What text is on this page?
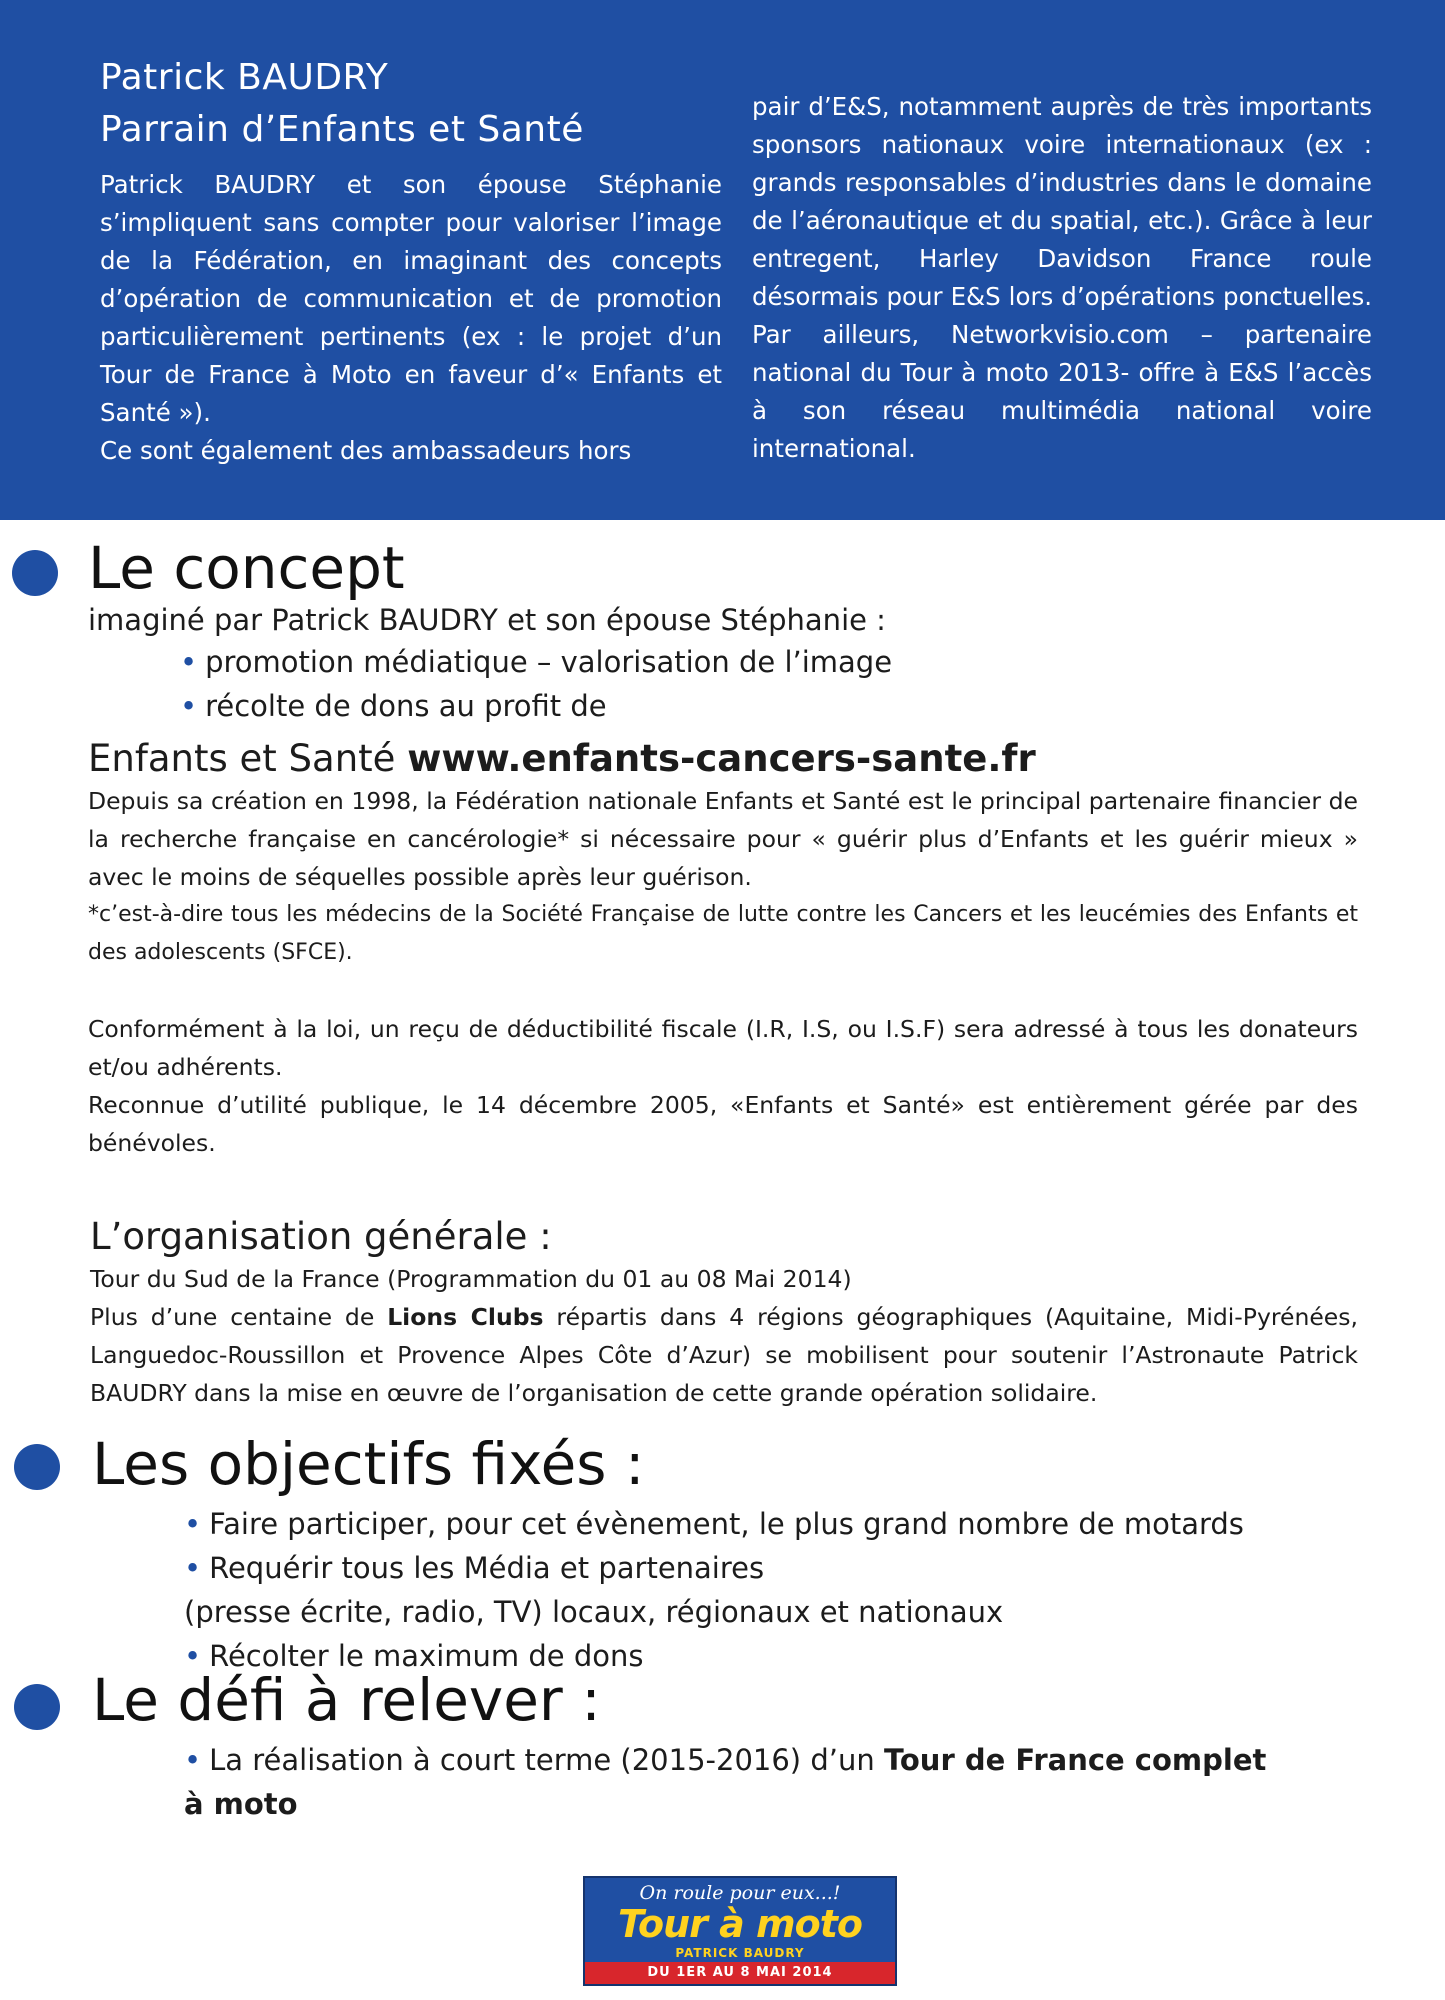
Patrick BAUDRY
Parrain d’Enfants et Santé

Patrick BAUDRY et son épouse Stéphanie s’impliquent sans compter pour valoriser l’image de la Fédération, en imaginant des concepts d’opération de communication et de promotion particulièrement pertinents (ex : le projet d’un Tour de France à Moto en faveur d’« Enfants et Santé »).

Ce sont également des ambassadeurs hors

pair d’E&S, notamment auprès de très importants sponsors nationaux voire internationaux (ex : grands responsables d’industries dans le domaine de l’aéronautique et du spatial, etc.). Grâce à leur entregent, Harley Davidson France roule désormais pour E&S lors d’opérations ponctuelles. Par ailleurs, Networkvisio.com – partenaire national du Tour à moto 2013- offre à E&S l’accès à son réseau multimédia national voire international.

Le concept

imaginé par Patrick BAUDRY et son épouse Stéphanie :

• promotion médiatique – valorisation de l’image
• récolte de dons au profit de

Enfants et Santé www.enfants-cancers-sante.fr

Depuis sa création en 1998, la Fédération nationale Enfants et Santé est le principal partenaire financier de la recherche française en cancérologie* si nécessaire pour « guérir plus d’Enfants et les guérir mieux » avec le moins de séquelles possible après leur guérison.

*c’est-à-dire tous les médecins de la Société Française de lutte contre les Cancers et les leucémies des Enfants et des adolescents (SFCE).

Conformément à la loi, un reçu de déductibilité fiscale (I.R, I.S, ou I.S.F) sera adressé à tous les donateurs et/ou adhérents.

Reconnue d’utilité publique, le 14 décembre 2005, «Enfants et Santé» est entièrement gérée par des bénévoles.

L’organisation générale :

Tour du Sud de la France (Programmation du 01 au 08 Mai 2014)

Plus d’une centaine de Lions Clubs répartis dans 4 régions géographiques (Aquitaine, Midi-Pyrénées, Languedoc-Roussillon et Provence Alpes Côte d’Azur) se mobilisent pour soutenir l’Astronaute Patrick BAUDRY dans la mise en œuvre de l’organisation de cette grande opération solidaire.

Les objectifs fixés :
• Faire participer, pour cet évènement, le plus grand nombre de motards
• Requérir tous les Média et partenaires
(presse écrite, radio, TV) locaux, régionaux et nationaux
• Récolter le maximum de dons
Le défi à relever :
• La réalisation à court terme (2015-2016) d’un Tour de France complet à moto
On roule pour eux...!
Tour à moto
PATRICK BAUDRY
DU 1ER AU 8 MAI 2014
